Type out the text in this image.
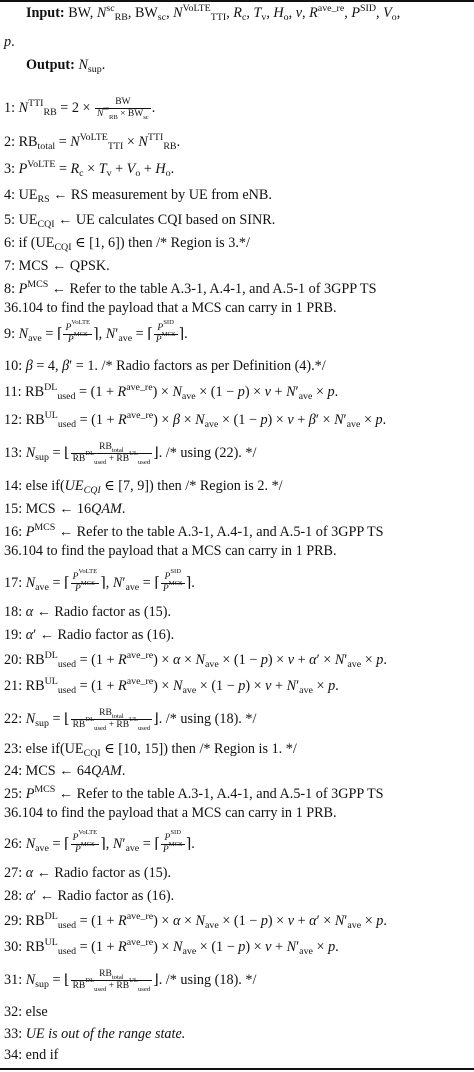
Input: BW, $N^{sc}_{RB}$, $BW_{sc}$, $N^{VoLTE}_{TTI}$, $R_c$, $T_v$, $H_o$, v, $R^{ave\_re}$, $P^{SID}$, $V_o$,
p.
Output: $N_{sup}$.
1: $N^{TTI}_{RB} = 2 \times \frac{BW}{N^{sc}_{RB} \times BW_{sc}}$ .
2: $RB_{total} = N^{VoLTE}_{TTI} \times N^{TTI}_{RB}$.
3: $P^{VoLTE} = R_c \times T_v + V_o + H_o$.
4: $UE_{RS}$ ← RS measurement by UE from eNB.
5: $UE_{CQI}$ ← UE calculates CQI based on SINR.
6: if ($UE_{CQI}$ ∈ [1, 6]) then /* Region is 3.*/
7: MCS ← QPSK.
8: $P^{MCS}$ ← Refer to the table A.3-1, A.4-1, and A.5-1 of 3GPP TS
36.104 to find the payload that a MCS can carry in 1 PRB.
9: $N_{ave}$ = ⌈ $\frac{P^{VoLTE}}{P^{MCS}}$ ⌉, $N'_{ave}$ = ⌈ $\frac{P^{SID}}{P^{MCS}}$ ⌉.
10: β = 4, β′ = 1. /* Radio factors as per Definition (4).*/
11: $RB^{DL}_{used} = (1 + R^{ave\_re}) \times N_{ave} \times (1 - p) \times v + N'_{ave} \times p$.
12: $RB^{UL}_{used} = (1 + R^{ave\_re}) \times \beta \times N_{ave} \times (1 - p) \times v + \beta' \times N'_{ave} \times p$.
13: $N_{sup}$ = ⌊ $\frac{RB_{total}}{RB^{DL}_{used} + RB^{UL}_{used}}$ ⌋. /* using (22). */
14: else $if(UE_{CQI}$ ∈ [7, 9]) then /* Region is 2. */
15: MCS ← 16QAM.
16: $P^{MCS}$ ← Refer to the table A.3-1, A.4-1, and A.5-1 of 3GPP TS
36.104 to find the payload that a MCS can carry in 1 PRB.
17: $N_{ave}$ = ⌈ $\frac{P^{VoLTE}}{P^{MCS}}$ ⌉, $N'_{ave}$ = ⌈ $\frac{P^{SID}}{P^{MCS}}$ ⌉.
18: α ← Radio factor as (15).
19: α′ ← Radio factor as (16).
20: $RB^{DL}_{used} = (1 + R^{ave\_re}) \times \alpha \times N_{ave} \times (1 - p) \times v + \alpha' \times N'_{ave} \times p$.
21: $RB^{UL}_{used} = (1 + R^{ave\_re}) \times N_{ave} \times (1 - p) \times v + N'_{ave} \times p$.
22: $N_{sup}$ = ⌊ $\frac{RB_{total}}{RB^{DL}_{used} + RB^{UL}_{used}}$ ⌋. /* using (18). */
23: else $if(UE_{CQI}$ ∈ [10, 15]) then /* Region is 1. */
24: MCS ← 64QAM.
25: $P^{MCS}$ ← Refer to the table A.3-1, A.4-1, and A.5-1 of 3GPP TS
36.104 to find the payload that a MCS can carry in 1 PRB.
26: $N_{ave}$ = ⌈ $\frac{P^{VoLTE}}{P^{MCS}}$ ⌉, $N'_{ave}$ = ⌈ $\frac{P^{SID}}{P^{MCS}}$ ⌉.
27: α ← Radio factor as (15).
28: α′ ← Radio factor as (16).
29: $RB^{DL}_{used} = (1 + R^{ave\_re}) \times \alpha \times N_{ave} \times (1 - p) \times v + \alpha' \times N'_{ave} \times p$.
30: $RB^{UL}_{used} = (1 + R^{ave\_re}) \times N_{ave} \times (1 - p) \times v + N'_{ave} \times p$.
31: $N_{sup}$ = ⌊ $\frac{RB_{total}}{RB^{DL}_{used} + RB^{UL}_{used}}$ ⌋. /* using (18). */
32: else
33: UE is out of the range state.
34: end if
